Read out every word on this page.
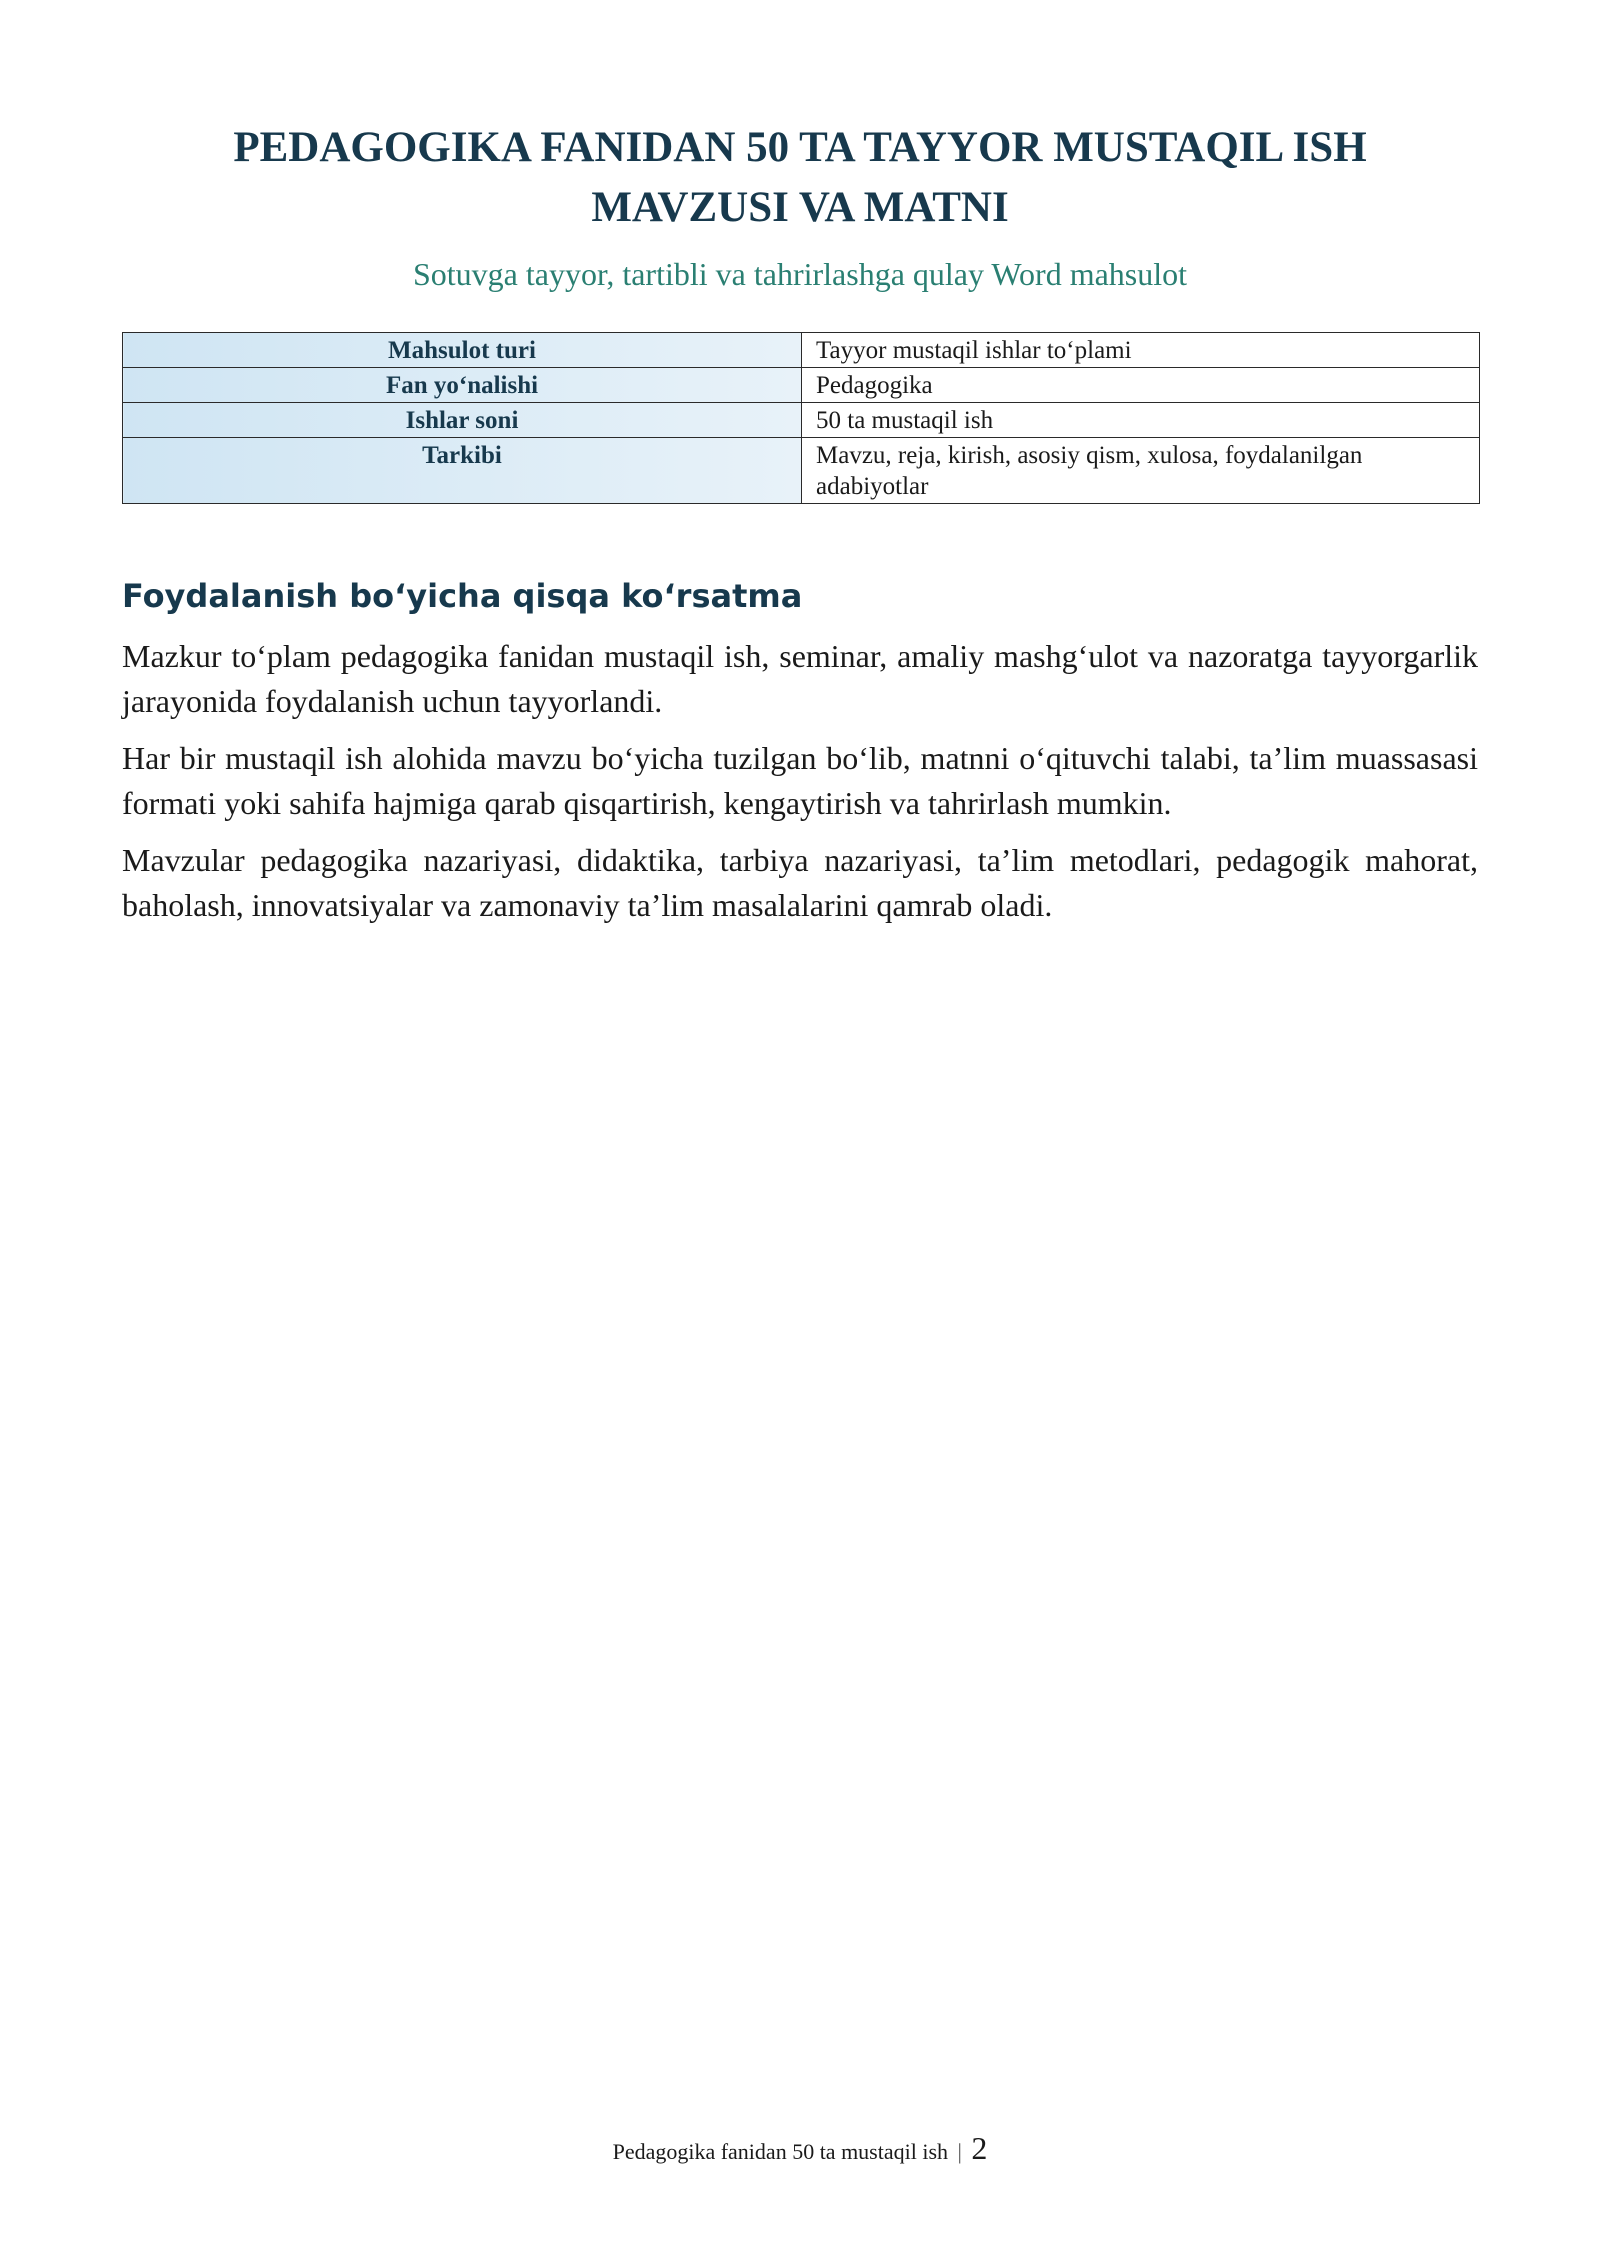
PEDAGOGIKA FANIDAN 50 TA TAYYOR MUSTAQIL ISH
MAVZUSI VA MATNI

Sotuvga tayyor, tartibli va tahrirlashga qulay Word mahsulot

Mahsulot turi	Tayyor mustaqil ishlar to‘plami
Fan yo‘nalishi	Pedagogika
Ishlar soni	50 ta mustaqil ish
Tarkibi	Mavzu, reja, kirish, asosiy qism, xulosa, foydalanilgan adabiyotlar
Foydalanish bo‘yicha qisqa ko‘rsatma

Mazkur to‘plam pedagogika fanidan mustaqil ish, seminar, amaliy mashg‘ulot va nazoratga tayyorgarlik jarayonida foydalanish uchun tayyorlandi.

Har bir mustaqil ish alohida mavzu bo‘yicha tuzilgan bo‘lib, matnni o‘qituvchi talabi, ta’lim muassasasi formati yoki sahifa hajmiga qarab qisqartirish, kengaytirish va tahrirlash mumkin.

Mavzular pedagogika nazariyasi, didaktika, tarbiya nazariyasi, ta’lim metodlari, pedagogik mahorat, baholash, innovatsiyalar va zamonaviy ta’lim masalalarini qamrab oladi.

Pedagogika fanidan 50 ta mustaqil ish | 2
